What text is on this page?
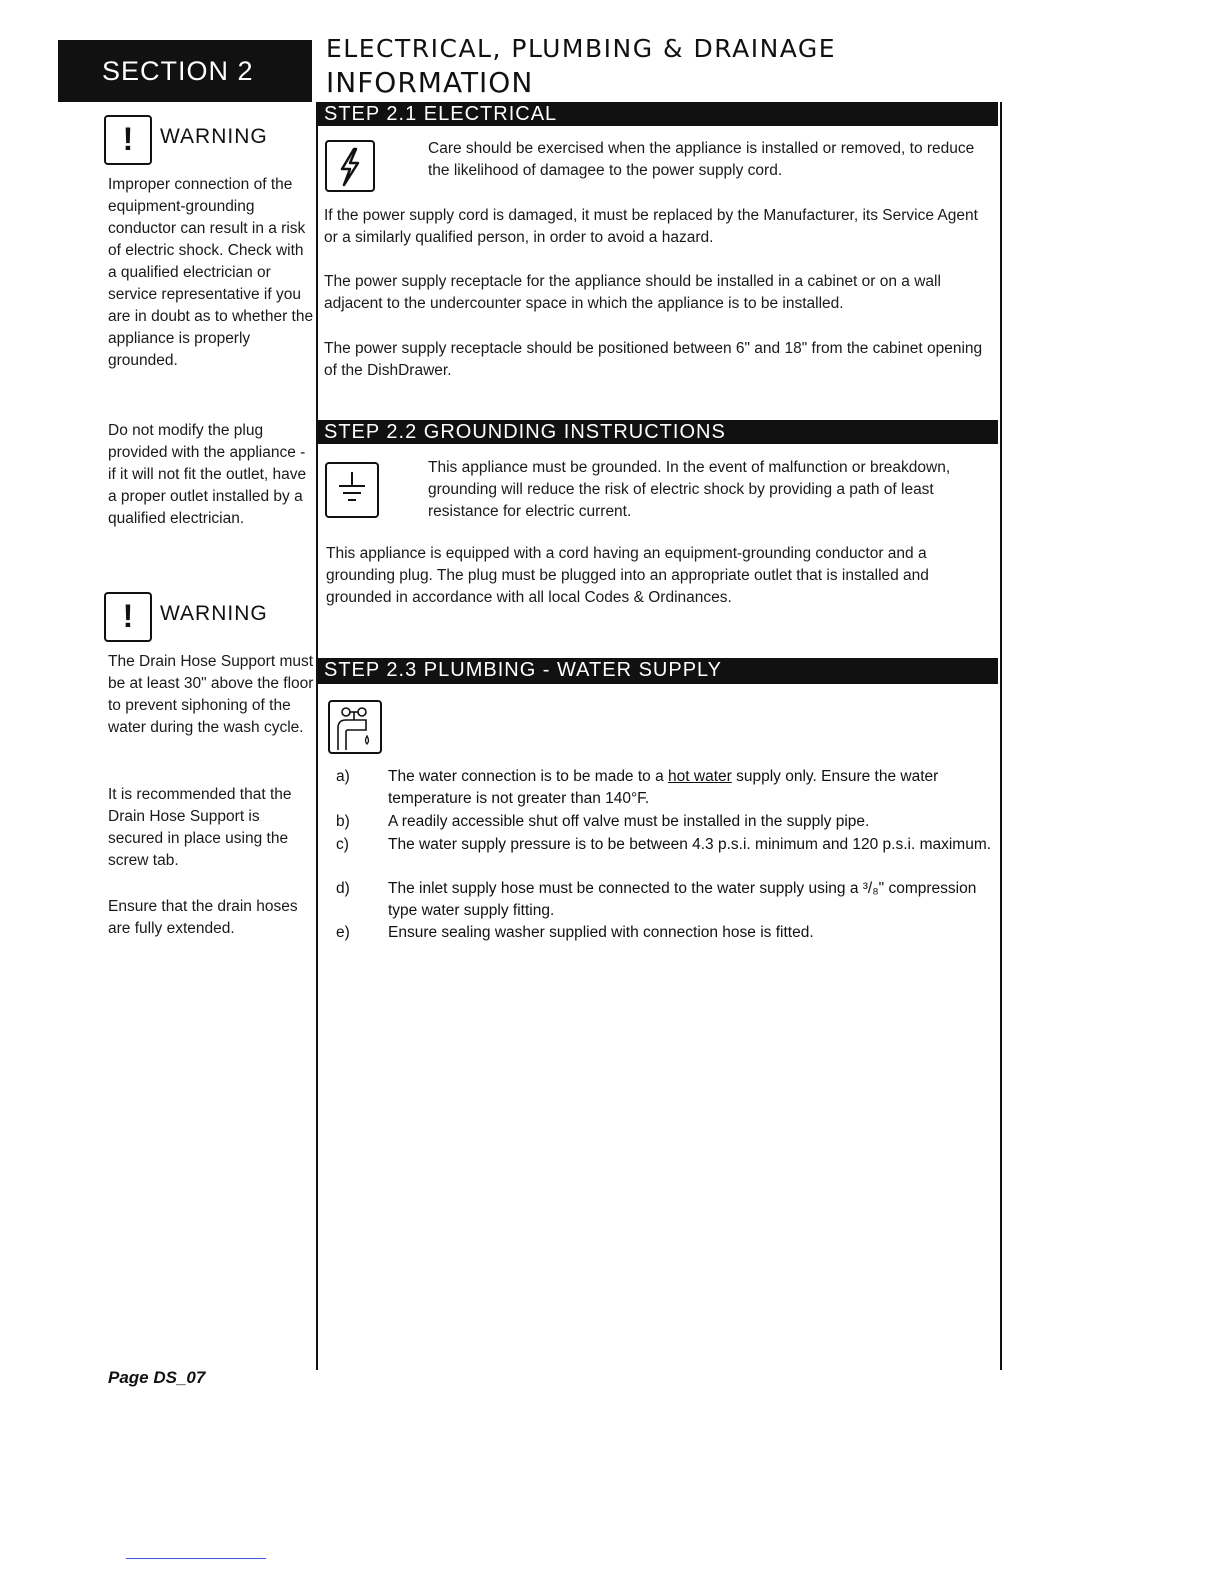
SECTION 2
ELECTRICAL, PLUMBING & DRAINAGE
INFORMATION
STEP 2.1 ELECTRICAL

Care should be exercised when the appliance is installed or removed, to reduce the likelihood of damagee to the power supply cord.

If the power supply cord is damaged, it must be replaced by the Manufacturer, its Service Agent or a similarly qualified person, in order to avoid a hazard.

The power supply receptacle for the appliance should be installed in a cabinet or on a wall adjacent to the undercounter space in which the appliance is to be installed.

The power supply receptacle should be positioned between 6" and 18" from the cabinet opening of the DishDrawer.

STEP 2.2 GROUNDING INSTRUCTIONS

This appliance must be grounded. In the event of malfunction or breakdown, grounding will reduce the risk of electric shock by providing a path of least resistance for electric current.

This appliance is equipped with a cord having an equipment-grounding conductor and a grounding plug. The plug must be plugged into an appropriate outlet that is installed and grounded in accordance with all local Codes & Ordinances.

STEP 2.3 PLUMBING - WATER SUPPLY

a) The water connection is to be made to a hot water supply only. Ensure the water temperature is not greater than 140°F.

b) A readily accessible shut off valve must be installed in the supply pipe.

c)	The water supply pressure is to be between 4.3 p.s.i. minimum and 120 p.s.i. maximum.

d) The inlet supply hose must be connected to the water supply using a ³/₈" compression type water supply fitting.

e) Ensure sealing washer supplied with connection hose is fitted.

!	WARNING

Improper connection of the equipment-grounding conductor can result in a risk of electric shock. Check with a qualified electrician or service representative if you are in doubt as to whether the appliance is properly grounded.

Do not modify the plug provided with the appliance - if it will not fit the outlet, have a proper outlet installed by a qualified electrician.

!	WARNING

The Drain Hose Support must be at least 30" above the floor to prevent siphoning of the water during the wash cycle.

It is recommended that the Drain Hose Support is secured in place using the screw tab.

Ensure that the drain hoses are fully extended.

Page DS_07
